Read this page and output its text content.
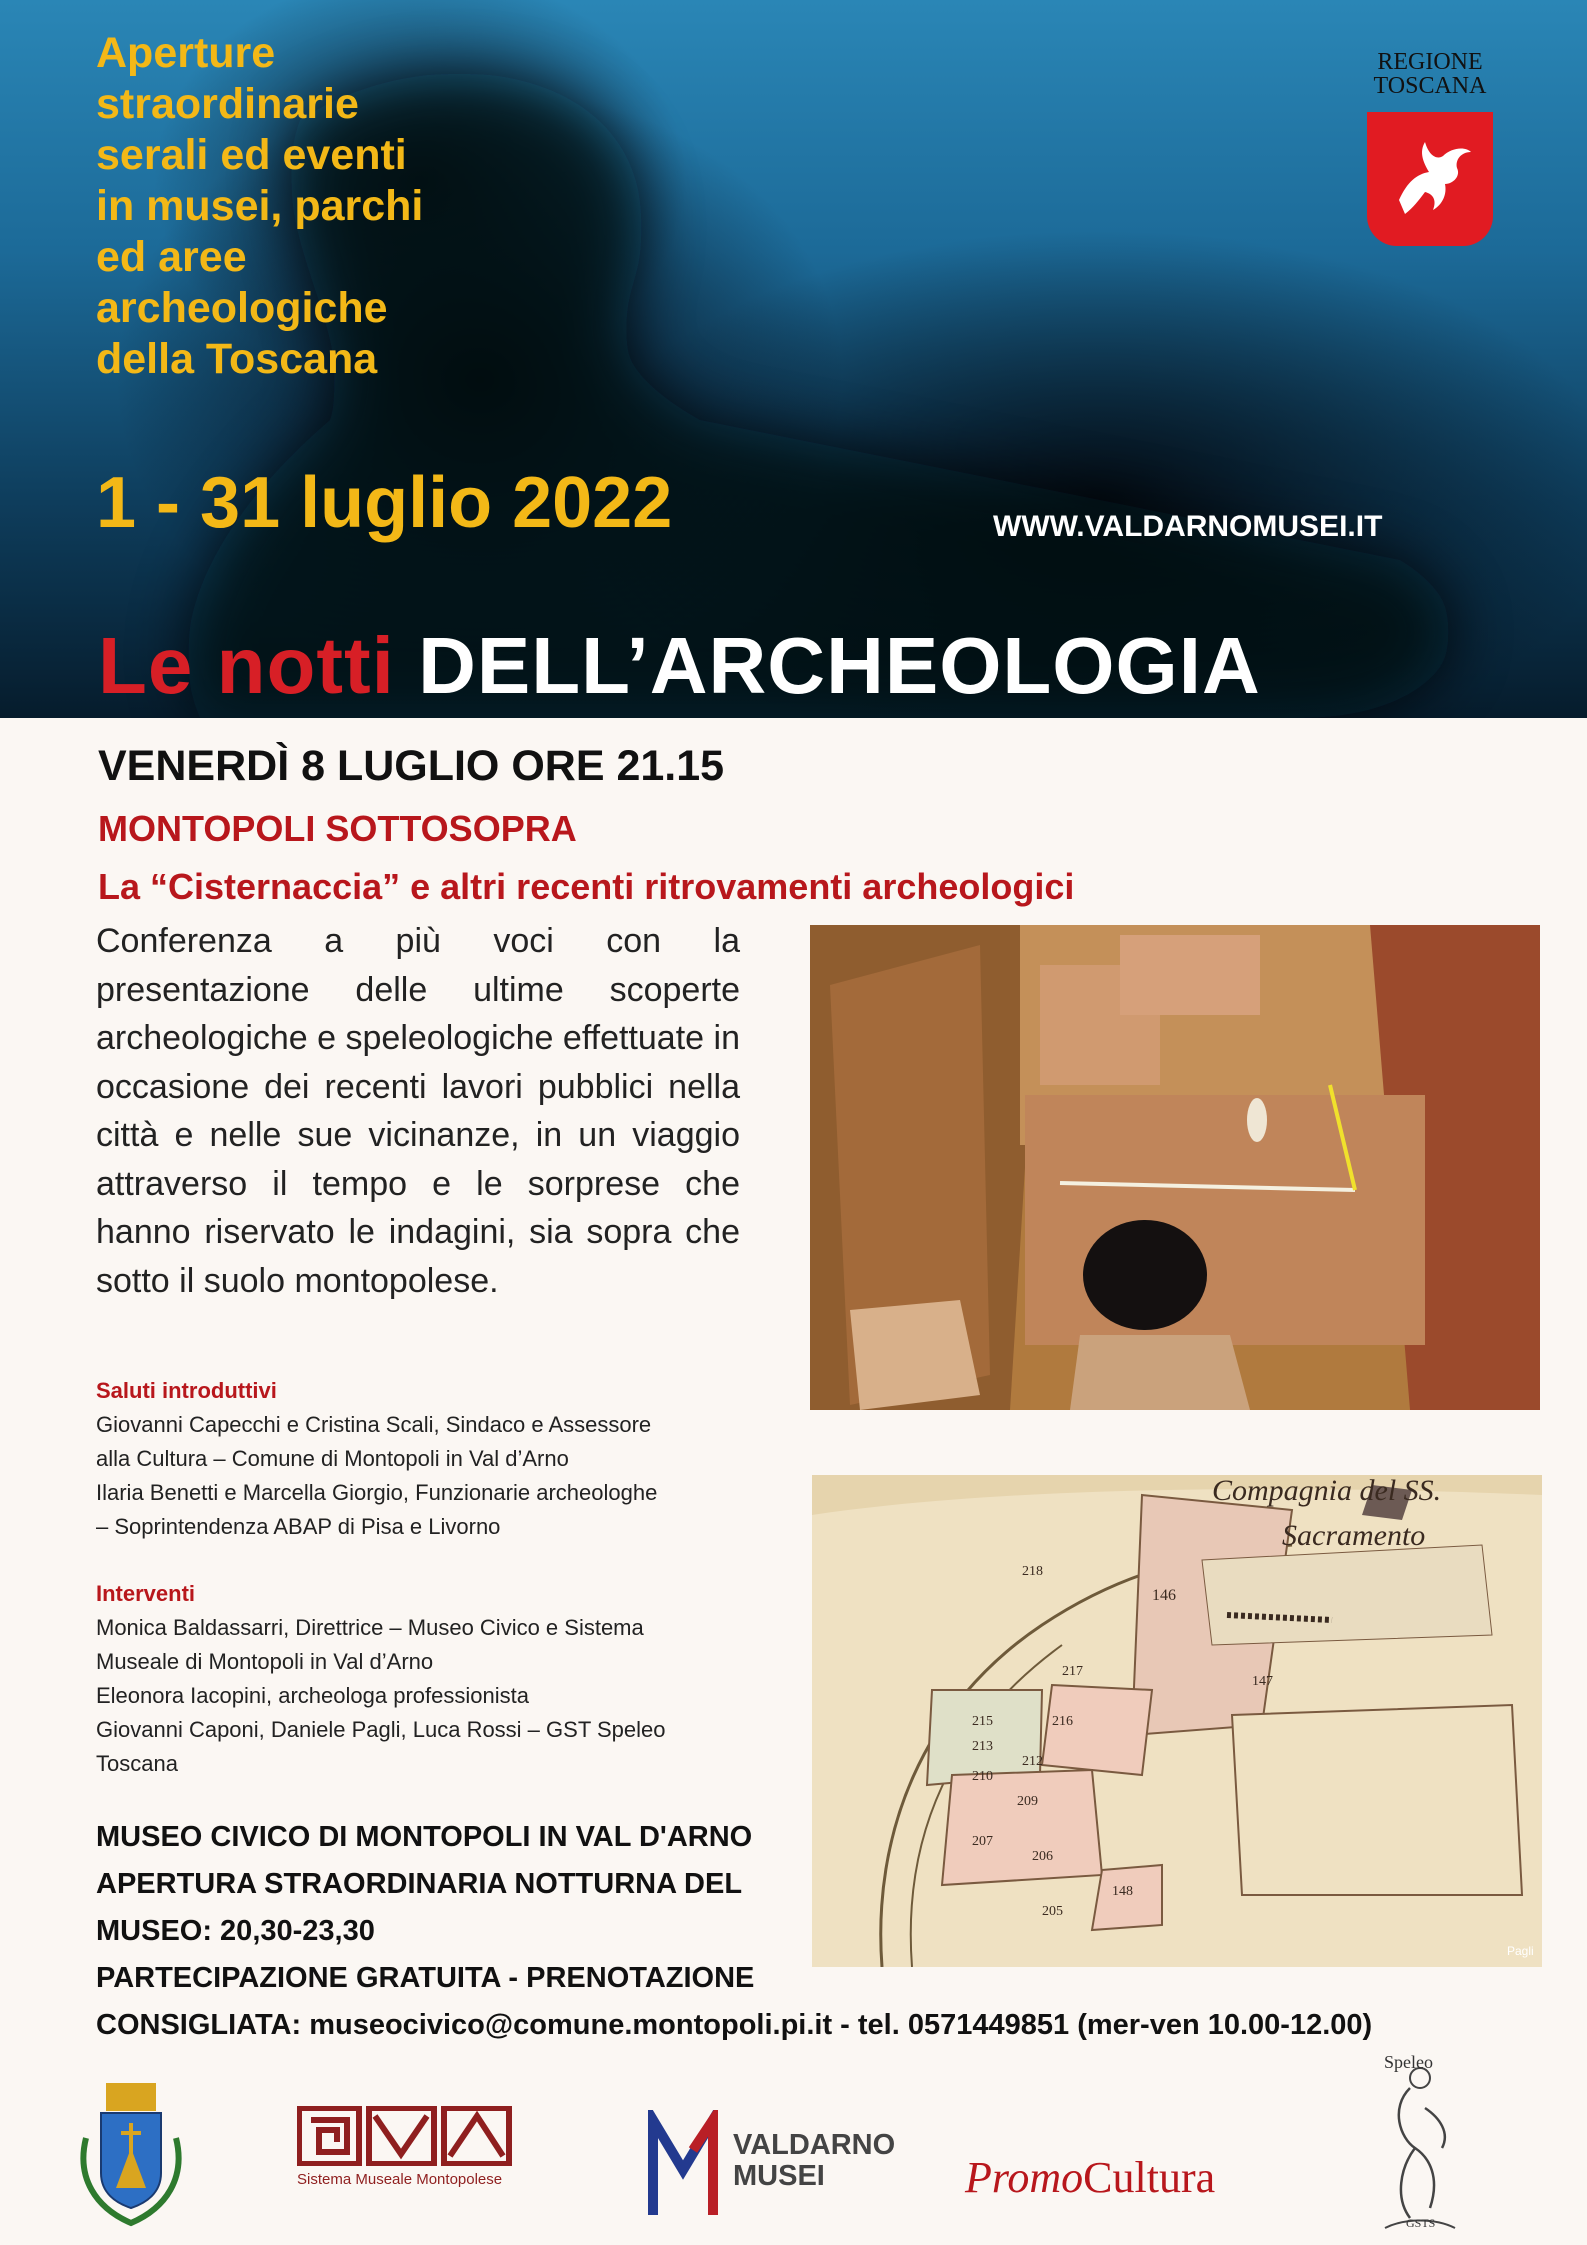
Aperture
straordinarie
serali ed eventi
in musei, parchi
ed aree
archeologiche
della Toscana
1 - 31 luglio 2022	WWW.VALDARNOMUSEI.IT
REGIONE
TOSCANA
Le notti DELL’ARCHEOLOGIA
VENERDÌ 8 LUGLIO ORE 21.15
MONTOPOLI SOTTOSOPRA
La “Cisternaccia” e altri recenti ritrovamenti archeologici
Conferenza a più voci con la presentazione delle ultime scoperte archeologiche e speleologiche effettuate in occasione dei recenti lavori pubblici nella città e nelle sue vicinanze, in un viaggio attraverso il tempo e le sorprese che hanno riservato le indagini, sia sopra che sotto il suolo montopolese.
Saluti introduttivi
Giovanni Capecchi e Cristina Scali, Sindaco e Assessore
alla Cultura – Comune di Montopoli in Val d’Arno
Ilaria Benetti e Marcella Giorgio, Funzionarie archeologhe
– Soprintendenza ABAP di Pisa e Livorno
Interventi
Monica Baldassarri, Direttrice – Museo Civico e Sistema
Museale di Montopoli in Val d’Arno
Eleonora Iacopini, archeologa professionista
Giovanni Caponi, Daniele Pagli, Luca Rossi – GST Speleo
Toscana
MUSEO CIVICO DI MONTOPOLI IN VAL D'ARNO
APERTURA STRAORDINARIA NOTTURNA DEL
MUSEO: 20,30-23,30
PARTECIPAZIONE GRATUITA - PRENOTAZIONE
CONSIGLIATA: museocivico@comune.montopoli.pi.it - tel. 0571449851 (mer-ven 10.00-12.00)
Compagnia del SS.
Sacramento
217
218
146
147
216
215
213
212
210
209
207
206
205
148
Pagli
Sistema Museale Montopolese
VALDARNO
MUSEI	PromoCultura
Speleo
GSTS
